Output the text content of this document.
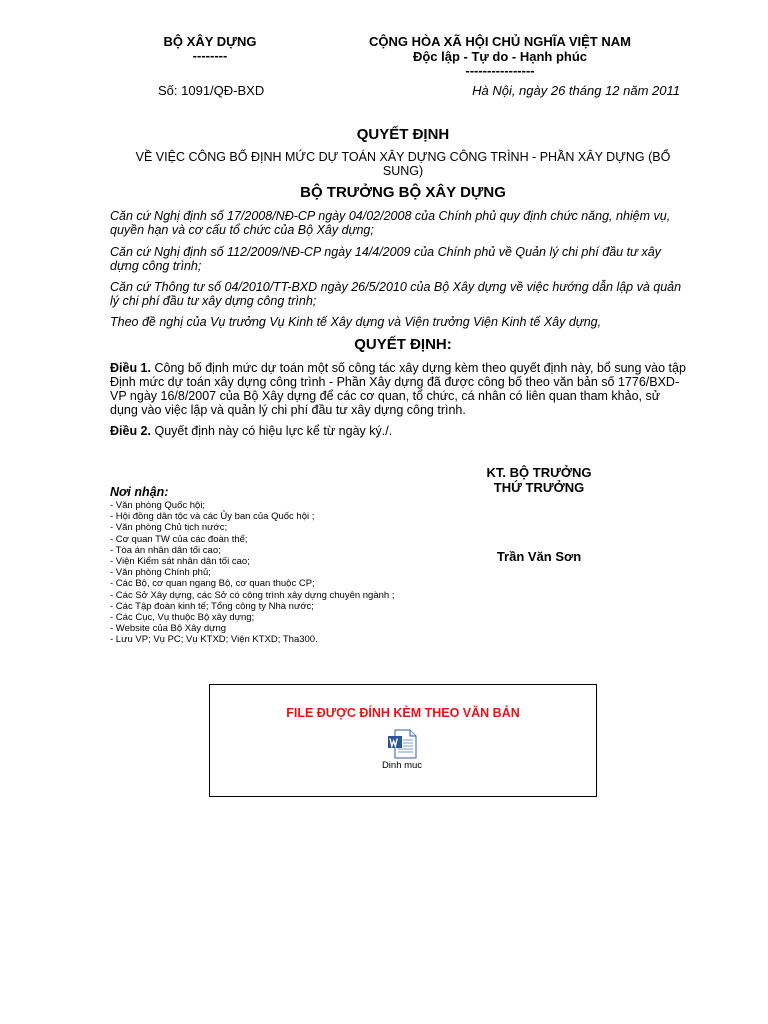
BỘ XÂY DỰNG
--------
CỘNG HÒA XÃ HỘI CHỦ NGHĨA VIỆT NAM
Độc lập - Tự do - Hạnh phúc
----------------
Số: 1091/QĐ-BXD	Hà Nội, ngày 26 tháng 12 năm 2011
QUYẾT ĐỊNH
VỀ VIỆC CÔNG BỐ ĐỊNH MỨC DỰ TOÁN XÂY DỰNG CÔNG TRÌNH - PHẦN XÂY DỰNG (BỔ SUNG)
BỘ TRƯỞNG BỘ XÂY DỰNG
Căn cứ Nghị định số 17/2008/NĐ-CP ngày 04/02/2008 của Chính phủ quy định chức năng, nhiệm vụ, quyền hạn và cơ cấu tổ chức của Bộ Xây dựng;
Căn cứ Nghị định số 112/2009/NĐ-CP ngày 14/4/2009 của Chính phủ về Quản lý chi phí đầu tư xây dựng công trình;
Căn cứ Thông tư số 04/2010/TT-BXD ngày 26/5/2010 của Bộ Xây dựng về việc hướng dẫn lập và quản lý chi phí đầu tư xây dựng công trình;
Theo đề nghị của Vụ trưởng Vụ Kinh tế Xây dựng và Viện trưởng Viện Kinh tế Xây dựng,
QUYẾT ĐỊNH:
Điều 1. Công bố định mức dự toán một số công tác xây dựng kèm theo quyết định này, bổ sung vào tập Định mức dự toán xây dựng công trình - Phần Xây dựng đã được công bố theo văn bản số 1776/BXD-VP ngày 16/8/2007 của Bộ Xây dựng để các cơ quan, tổ chức, cá nhân có liên quan tham khảo, sử dụng vào việc lập và quản lý chi phí đầu tư xây dựng công trình.
Điều 2. Quyết định này có hiệu lực kể từ ngày ký./.
KT. BỘ TRƯỞNG
THỨ TRƯỞNG
Trần Văn Sơn
Nơi nhận:
- Văn phòng Quốc hội;
- Hội đồng dân tộc và các Ủy ban của Quốc hội ;
- Văn phòng Chủ tịch nước;
- Cơ quan TW của các đoàn thể;
- Tòa án nhân dân tối cao;
- Viện Kiểm sát nhân dân tối cao;
- Văn phòng Chính phủ;
- Các Bộ, cơ quan ngang Bộ, cơ quan thuộc CP;
- Các Sở Xây dựng, các Sở có công trình xây dựng chuyên ngành ;
- Các Tập đoàn kinh tế; Tổng công ty Nhà nước;
- Các Cục, Vụ thuộc Bộ xây dựng;
- Website của Bộ Xây dựng
- Lưu VP; Vụ PC; Vụ KTXD; Viện KTXD; Tha300.
FILE ĐƯỢC ĐÍNH KÈM THEO VĂN BẢN
Dinh muc
